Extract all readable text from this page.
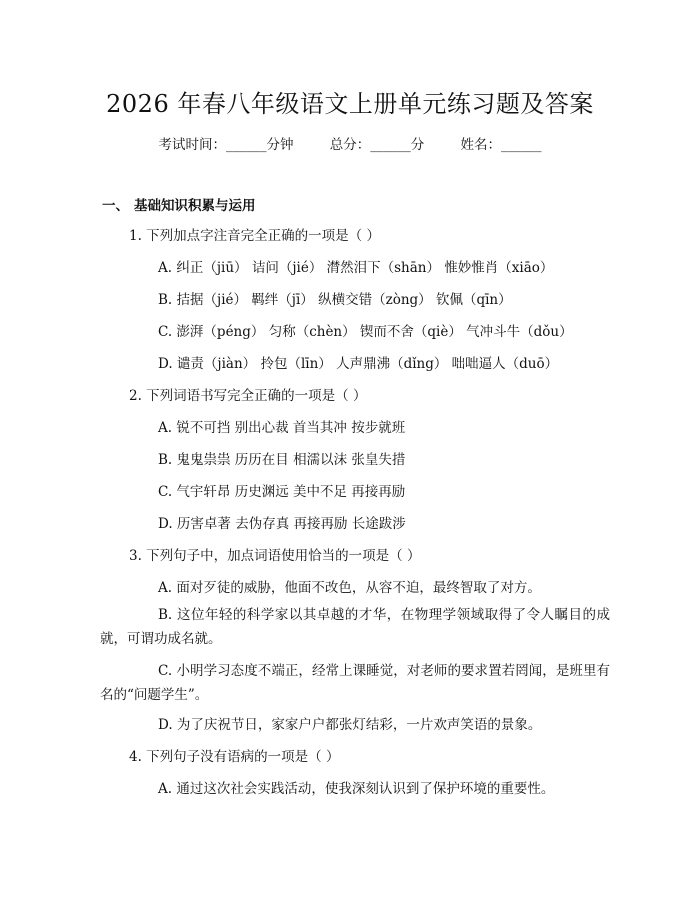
2026 年春八年级语文上册单元练习题及答案
考试时间：______分钟	总分：______分	姓名：______
一、 基础知识积累与运用
1. 下列加点字注音完全正确的一项是（ ）
A. 纠正（jiū） 诘问（jié） 潸然泪下（shān） 惟妙惟肖（xiāo）
B. 拮据（jié） 羁绊（jī） 纵横交错（zòng） 钦佩（qīn）
C. 澎湃（péng） 匀称（chèn） 锲而不舍（qiè） 气冲斗牛（dǒu）
D. 谴责（jiàn） 拎包（līn） 人声鼎沸（dǐng） 咄咄逼人（duō）
2. 下列词语书写完全正确的一项是（ ）
A. 锐不可挡 别出心裁 首当其冲 按步就班
B. 鬼鬼祟祟 历历在目 相濡以沫 张皇失措
C. 气宇轩昂 历史渊远 美中不足 再接再励
D. 历害卓著 去伪存真 再接再励 长途跋涉
3. 下列句子中，加点词语使用恰当的一项是（ ）
A. 面对歹徒的威胁，他面不改色，从容不迫，最终智取了对方。
B. 这位年轻的科学家以其卓越的才华，在物理学领域取得了令人瞩目的成就，可谓功成名就。
C. 小明学习态度不端正，经常上课睡觉，对老师的要求置若罔闻，是班里有名的“问题学生”。
D. 为了庆祝节日，家家户户都张灯结彩，一片欢声笑语的景象。
4. 下列句子没有语病的一项是（ ）
A. 通过这次社会实践活动，使我深刻认识到了保护环境的重要性。
